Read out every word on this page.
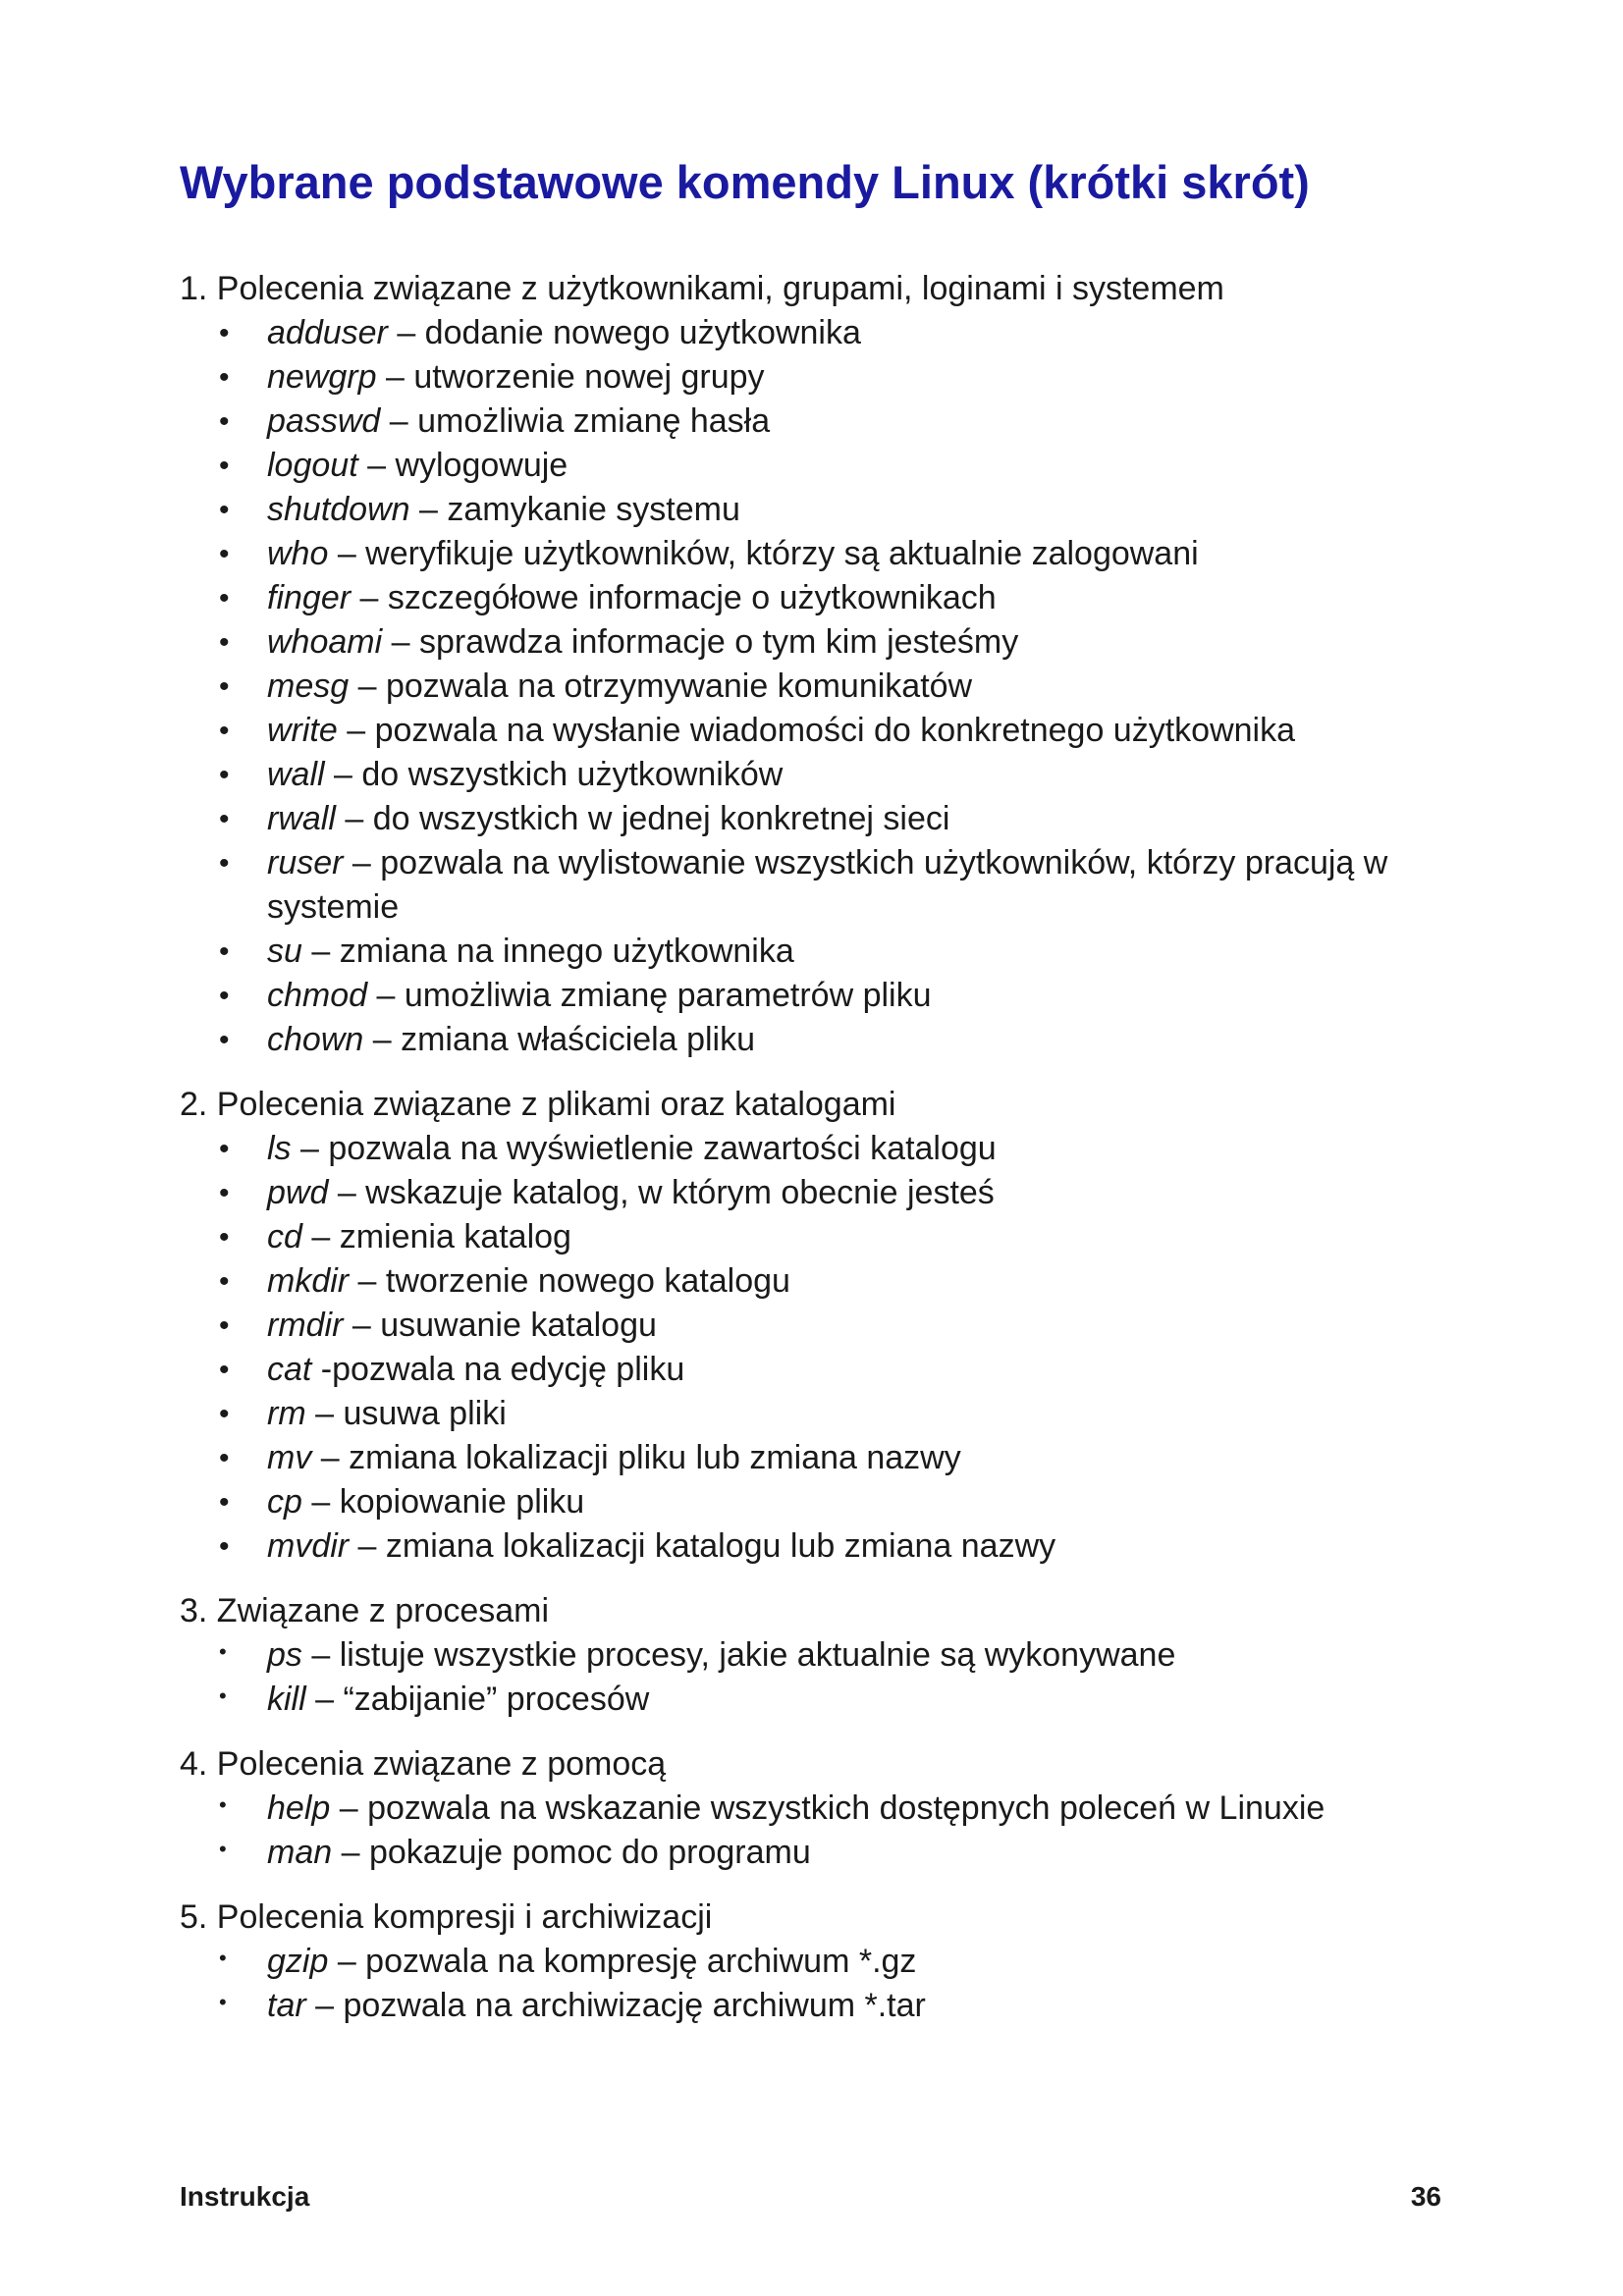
Wybrane podstawowe komendy Linux (krótki skrót)

1. Polecenia związane z użytkownikami, grupami, loginami i systemem

• adduser – dodanie nowego użytkownika
• newgrp – utworzenie nowej grupy
• passwd – umożliwia zmianę hasła
• logout – wylogowuje
• shutdown – zamykanie systemu
• who – weryfikuje użytkowników, którzy są aktualnie zalogowani
• finger – szczegółowe informacje o użytkownikach
• whoami – sprawdza informacje o tym kim jesteśmy
• mesg – pozwala na otrzymywanie komunikatów
• write – pozwala na wysłanie wiadomości do konkretnego użytkownika
• wall – do wszystkich użytkowników
• rwall – do wszystkich w jednej konkretnej sieci
• ruser – pozwala na wylistowanie wszystkich użytkowników, którzy pracują w systemie
• su – zmiana na innego użytkownika
• chmod – umożliwia zmianę parametrów pliku
• chown – zmiana właściciela pliku

2. Polecenia związane z plikami oraz katalogami

• ls – pozwala na wyświetlenie zawartości katalogu
• pwd – wskazuje katalog, w którym obecnie jesteś
• cd – zmienia katalog
• mkdir – tworzenie nowego katalogu
• rmdir – usuwanie katalogu
• cat -pozwala na edycję pliku
• rm – usuwa pliki
• mv – zmiana lokalizacji pliku lub zmiana nazwy
• cp – kopiowanie pliku
• mvdir – zmiana lokalizacji katalogu lub zmiana nazwy

3. Związane z procesami

• ps – listuje wszystkie procesy, jakie aktualnie są wykonywane
• kill – “zabijanie” procesów

4. Polecenia związane z pomocą

• help – pozwala na wskazanie wszystkich dostępnych poleceń w Linuxie
• man – pokazuje pomoc do programu

5. Polecenia kompresji i archiwizacji

• gzip – pozwala na kompresję archiwum *.gz
• tar – pozwala na archiwizację archiwum *.tar

Instrukcja	36
